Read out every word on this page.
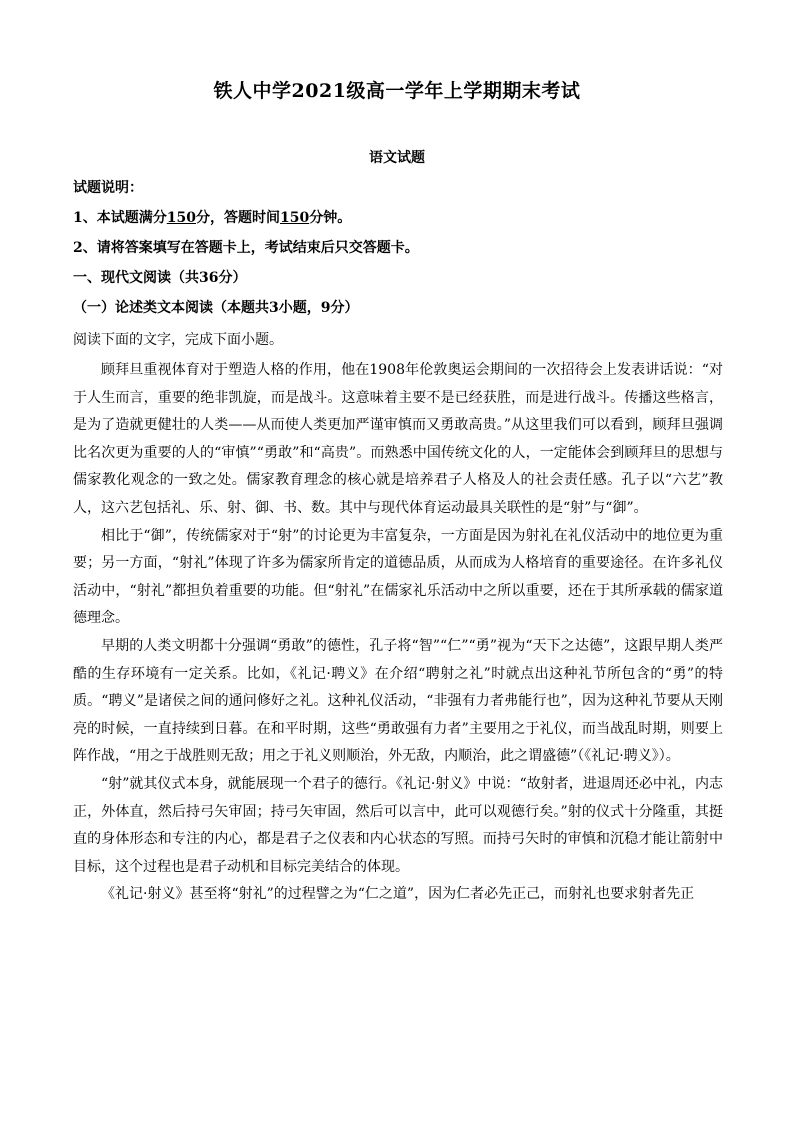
铁人中学2021级高一学年上学期期末考试
语文试题
试题说明：
1、本试题满分150分，答题时间150分钟。
2、请将答案填写在答题卡上，考试结束后只交答题卡。
一、现代文阅读（共36分）
（一）论述类文本阅读（本题共3小题，9分）
阅读下面的文字，完成下面小题。

顾拜旦重视体育对于塑造人格的作用，他在1908年伦敦奥运会期间的一次招待会上发表讲话说：“对于人生而言，重要的绝非凯旋，而是战斗。这意味着主要不是已经获胜，而是进行战斗。传播这些格言，是为了造就更健壮的人类——从而使人类更加严谨审慎而又勇敢高贵。”从这里我们可以看到，顾拜旦强调比名次更为重要的人的“审慎”“勇敢”和“高贵”。而熟悉中国传统文化的人，一定能体会到顾拜旦的思想与儒家教化观念的一致之处。儒家教育理念的核心就是培养君子人格及人的社会责任感。孔子以“六艺”教人，这六艺包括礼、乐、射、御、书、数。其中与现代体育运动最具关联性的是“射”与“御”。

相比于“御”，传统儒家对于“射”的讨论更为丰富复杂，一方面是因为射礼在礼仪活动中的地位更为重要；另一方面，“射礼”体现了许多为儒家所肯定的道德品质，从而成为人格培育的重要途径。在许多礼仪活动中，“射礼”都担负着重要的功能。但“射礼”在儒家礼乐活动中之所以重要，还在于其所承载的儒家道德理念。

早期的人类文明都十分强调“勇敢”的德性，孔子将“智”“仁”“勇”视为“天下之达德”，这跟早期人类严酷的生存环境有一定关系。比如，《礼记·聘义》在介绍“聘射之礼”时就点出这种礼节所包含的“勇”的特质。“聘义”是诸侯之间的通问修好之礼。这种礼仪活动，“非强有力者弗能行也”，因为这种礼节要从天刚亮的时候，一直持续到日暮。在和平时期，这些“勇敢强有力者”主要用之于礼仪，而当战乱时期，则要上阵作战，“用之于战胜则无敌；用之于礼义则顺治，外无敌，内顺治，此之谓盛德”（《礼记·聘义》）。

“射”就其仪式本身，就能展现一个君子的德行。《礼记·射义》中说：“故射者，进退周还必中礼，内志正，外体直，然后持弓矢审固；持弓矢审固，然后可以言中，此可以观德行矣。”射的仪式十分隆重，其挺直的身体形态和专注的内心，都是君子之仪表和内心状态的写照。而持弓矢时的审慎和沉稳才能让箭射中目标，这个过程也是君子动机和目标完美结合的体现。

《礼记·射义》甚至将“射礼”的过程譬之为“仁之道”，因为仁者必先正己，而射礼也要求射者先正
